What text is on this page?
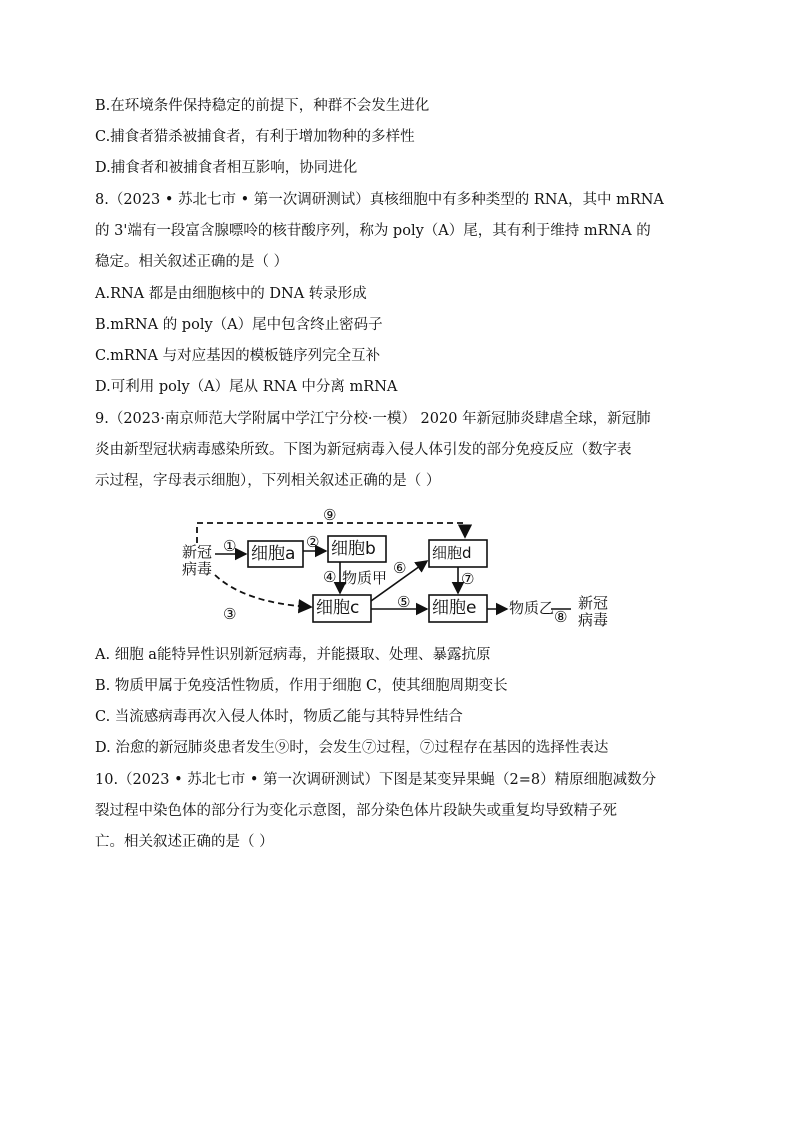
B.在环境条件保持稳定的前提下，种群不会发生进化
C.捕食者猎杀被捕食者，有利于增加物种的多样性
D.捕食者和被捕食者相互影响，协同进化
8.（2023 • 苏北七市 • 第一次调研测试）真核细胞中有多种类型的 RNA，其中 mRNA
的 3'端有一段富含腺嘌呤的核苷酸序列，称为 poly（A）尾，其有利于维持 mRNA 的
稳定。相关叙述正确的是（ ）
A.RNA 都是由细胞核中的 DNA 转录形成
B.mRNA 的 poly（A）尾中包含终止密码子
C.mRNA 与对应基因的模板链序列完全互补
D.可利用 poly（A）尾从 RNA 中分离 mRNA
9.（2023·南京师范大学附属中学江宁分校·一模） 2020 年新冠肺炎肆虐全球，新冠肺
炎由新型冠状病毒感染所致。下图为新冠病毒入侵人体引发的部分免疫反应（数字表
示过程，字母表示细胞），下列相关叙述正确的是（ ）
新冠
病毒
① 细胞a
② 细胞b
⑨
细胞d
④ 物质甲
⑥
⑦
③	细胞c	⑤ 细胞e 物质乙 ⑧
新冠
病毒
A. 细胞 a能特异性识别新冠病毒，并能摄取、处理、暴露抗原
B. 物质甲属于免疫活性物质，作用于细胞 C，使其细胞周期变长
C. 当流感病毒再次入侵人体时，物质乙能与其特异性结合
D. 治愈的新冠肺炎患者发生⑨时，会发生⑦过程，⑦过程存在基因的选择性表达
10.（2023 • 苏北七市 • 第一次调研测试）下图是某变异果蝇（2=8）精原细胞减数分
裂过程中染色体的部分行为变化示意图，部分染色体片段缺失或重复均导致精子死
亡。相关叙述正确的是（ ）
